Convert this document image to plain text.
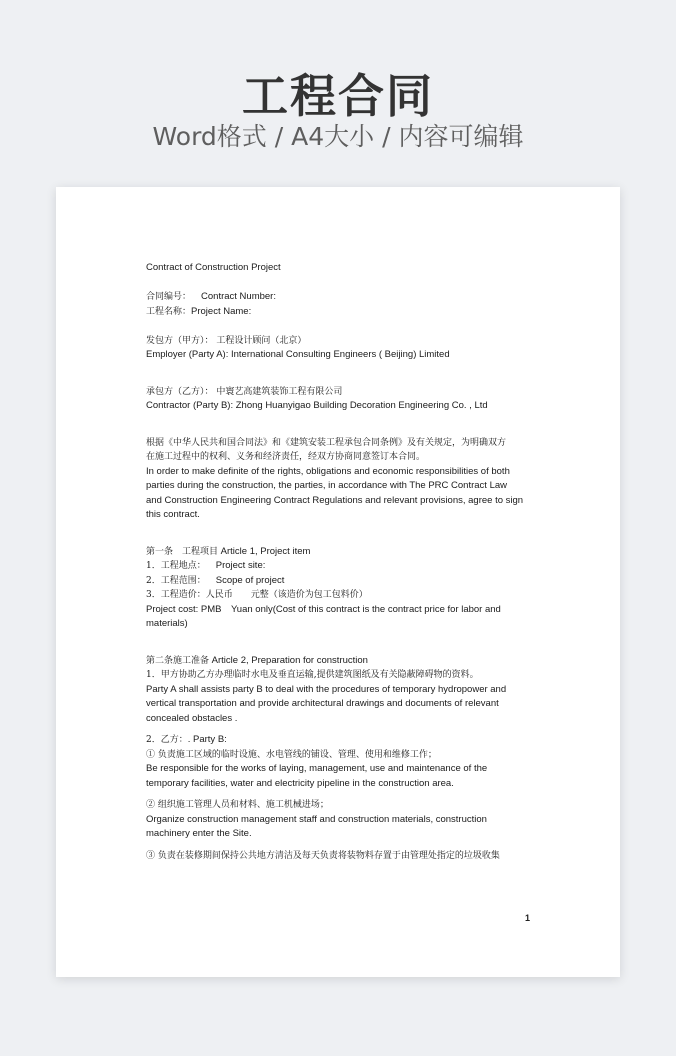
工程合同
Word格式 / A4大小 / 内容可编辑
Contract of Construction Project
合同编号： Contract Number:
工程名称：Project Name:
发包方（甲方）： 工程设计顾问（北京）
Employer (Party A): International Consulting Engineers ( Beijing) Limited
承包方（乙方）： 中寰艺高建筑装饰工程有限公司
Contractor (Party B): Zhong Huanyigao Building Decoration Engineering Co. , Ltd
根据《中华人民共和国合同法》和《建筑安装工程承包合同条例》及有关规定，为明确双方
在施工过程中的权利、义务和经济责任，经双方协商同意签订本合同。
In order to make definite of the rights, obligations and economic responsibilities of both
parties during the construction, the parties, in accordance with The PRC Contract Law
and Construction Engineering Contract Regulations and relevant provisions, agree to sign
this contract.
第一条　工程项目 Article 1, Project item
1．工程地点： Project site:
2．工程范围： Scope of project
3．工程造价：人民币　　元整（该造价为包工包料价）
Project cost: PMB　Yuan only(Cost of this contract is the contract price for labor and
materials)
第二条施工准备 Article 2, Preparation for construction
1．甲方协助乙方办理临时水电及垂直运输,提供建筑图纸及有关隐蔽障碍物的资料。
Party A shall assists party B to deal with the procedures of temporary hydropower and
vertical transportation and provide architectural drawings and documents of relevant
concealed obstacles .
2．乙方：. Party B:
① 负责施工区域的临时设施、水电管线的铺设、管理、使用和维修工作；
Be responsible for the works of laying, management, use and maintenance of the
temporary facilities, water and electricity pipeline in the construction area.
② 组织施工管理人员和材料、施工机械进场；
Organize construction management staff and construction materials, construction
machinery enter the Site.
③ 负责在装修期间保持公共地方清洁及每天负责将装物料存置于由管理处指定的垃圾收集
1
